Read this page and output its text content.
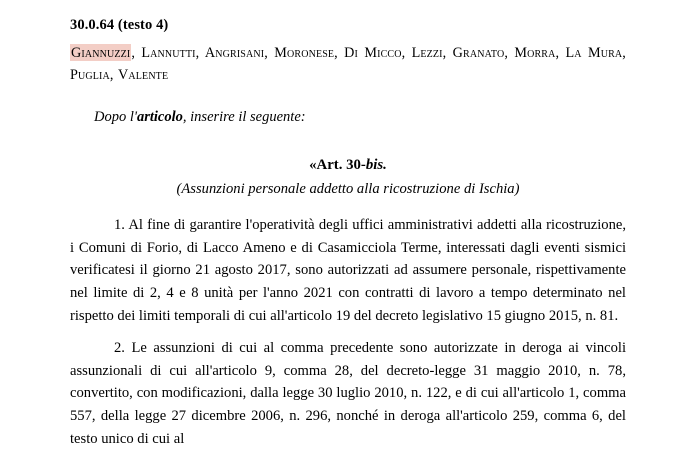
30.0.64 (testo 4)
Giannuzzi, Lannutti, Angrisani, Moronese, Di Micco, Lezzi, Granato, Morra, La Mura, Puglia, Valente
Dopo l'articolo, inserire il seguente:
«Art. 30-bis.
(Assunzioni personale addetto alla ricostruzione di Ischia)
1. Al fine di garantire l'operatività degli uffici amministrativi addetti alla ricostruzione, i Comuni di Forio, di Lacco Ameno e di Casamicciola Terme, interessati dagli eventi sismici verificatesi il giorno 21 agosto 2017, sono autorizzati ad assumere personale, rispettivamente nel limite di 2, 4 e 8 unità per l'anno 2021 con contratti di lavoro a tempo determinato nel rispetto dei limiti temporali di cui all'articolo 19 del decreto legislativo 15 giugno 2015, n. 81.
2. Le assunzioni di cui al comma precedente sono autorizzate in deroga ai vincoli assunzionali di cui all'articolo 9, comma 28, del decreto-legge 31 maggio 2010, n. 78, convertito, con modificazioni, dalla legge 30 luglio 2010, n. 122, e di cui all'articolo 1, comma 557, della legge 27 dicembre 2006, n. 296, nonché in deroga all'articolo 259, comma 6, del testo unico di cui al
